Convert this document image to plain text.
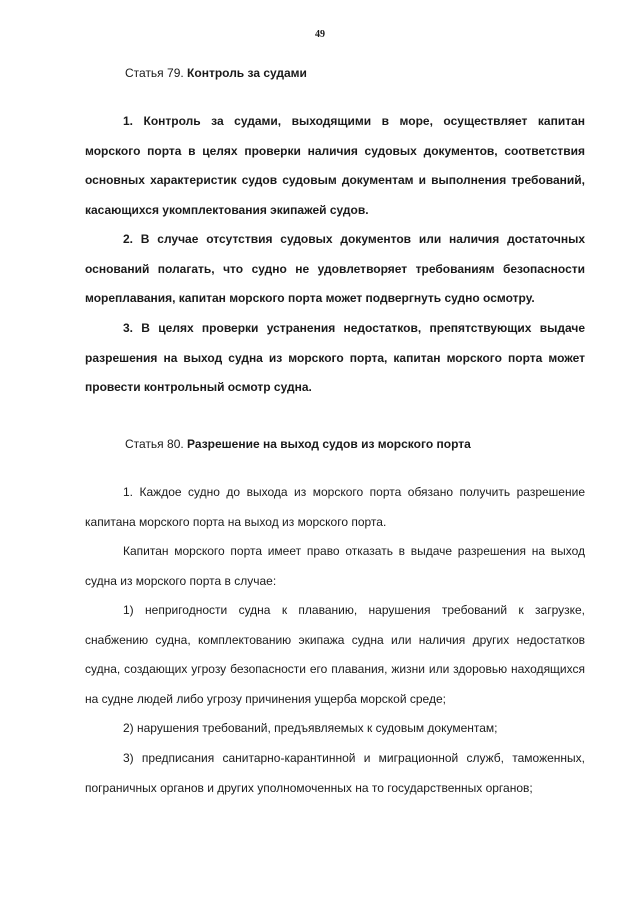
49
Статья 79. Контроль за судами

1. Контроль за судами, выходящими в море, осуществляет капитан морского порта в целях проверки наличия судовых документов, соответствия основных характеристик судов судовым документам и выполнения требований, касающихся укомплектования экипажей судов.

2. В случае отсутствия судовых документов или наличия достаточных оснований полагать, что судно не удовлетворяет требованиям безопасности мореплавания, капитан морского порта может подвергнуть судно осмотру.

3. В целях проверки устранения недостатков, препятствующих выдаче разрешения на выход судна из морского порта, капитан морского порта может провести контрольный осмотр судна.

Статья 80. Разрешение на выход судов из морского порта

1. Каждое судно до выхода из морского порта обязано получить разрешение капитана морского порта на выход из морского порта.

Капитан морского порта имеет право отказать в выдаче разрешения на выход судна из морского порта в случае:

1) непригодности судна к плаванию, нарушения требований к загрузке, снабжению судна, комплектованию экипажа судна или наличия других недостатков судна, создающих угрозу безопасности его плавания, жизни или здоровью находящихся на судне людей либо угрозу причинения ущерба морской среде;

2) нарушения требований, предъявляемых к судовым документам;

3) предписания санитарно-карантинной и миграционной служб, таможенных, пограничных органов и других уполномоченных на то государственных органов;
